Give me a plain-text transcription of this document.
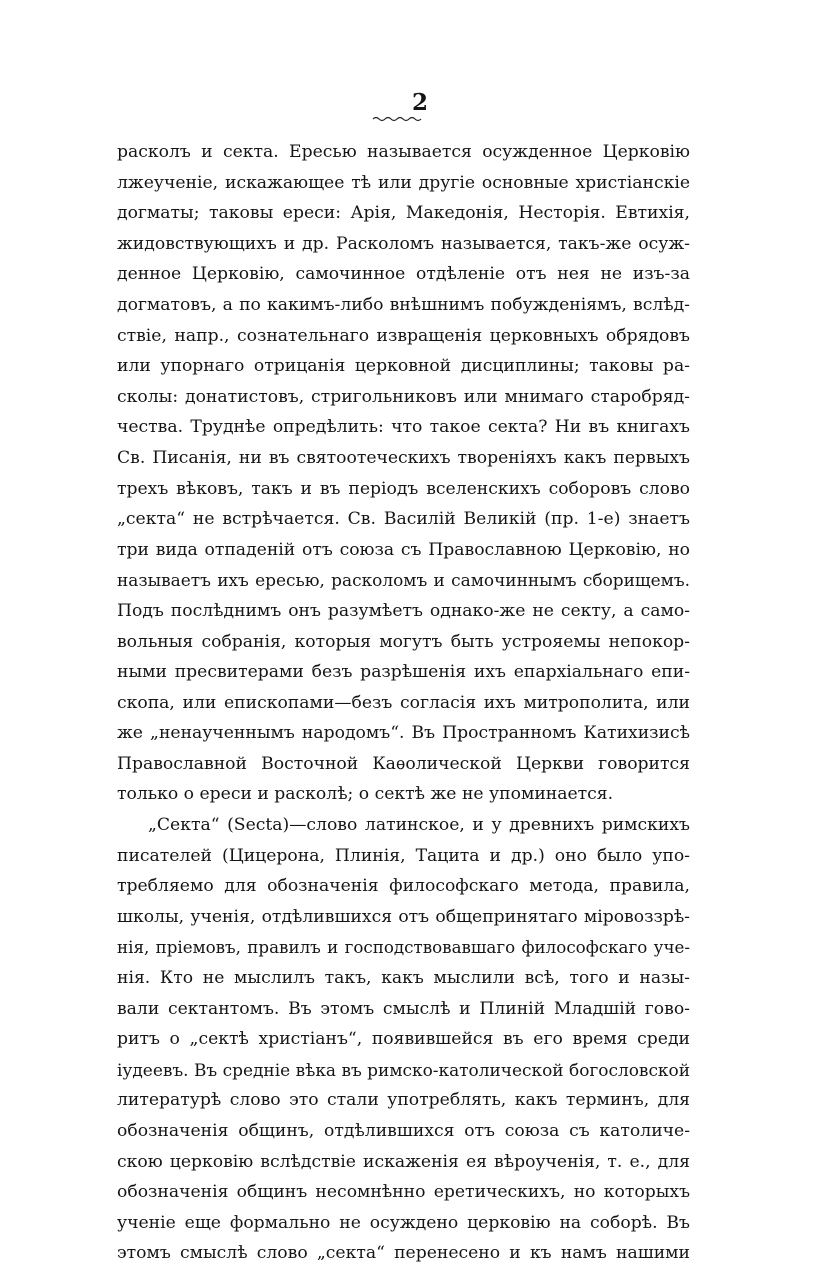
2
расколъ и секта. Ересью называется осужденное Церковію
лжеученіе, искажающее тѣ или другіе основные христіанскіе
догматы; таковы ереси: Арія, Македонія, Несторія. Евтихія,
жидовствующихъ и др. Расколомъ называется, такъ-же осуж-
денное Церковію, самочинное отдѣленіе отъ нея не изъ-за
догматовъ, а по какимъ-либо внѣшнимъ побужденіямъ, вслѣд-
ствіе, напр., сознательнаго извращенія церковныхъ обрядовъ
или упорнаго отрицанія церковной дисциплины; таковы ра-
сколы: донатистовъ, стригольниковъ или мнимаго старобряд-
чества. Труднѣе опредѣлить: что такое секта? Ни въ книгахъ
Св. Писанія, ни въ святоотеческихъ твореніяхъ какъ первыхъ
трехъ вѣковъ, такъ и въ періодъ вселенскихъ соборовъ слово
„секта“ не встрѣчается. Св. Василій Великій (пр. 1-е) знаетъ
три вида отпаденій отъ союза съ Православною Церковію, но
называетъ ихъ ересью, расколомъ и самочиннымъ сборищемъ.
Подъ послѣднимъ онъ разумѣетъ однако-же не секту, а само-
вольныя собранія, которыя могутъ быть устрояемы непокор-
ными пресвитерами безъ разрѣшенія ихъ епархіальнаго епи-
скопа, или епископами—безъ согласія ихъ митрополита, или
же „ненаученнымъ народомъ“. Въ Пространномъ Катихизисѣ
Православной Восточной Каѳолической Церкви говорится
только о ереси и расколѣ; о сектѣ же не упоминается.
„Секта“ (Secta)—слово латинское, и у древнихъ римскихъ
писателей (Цицерона, Плинія, Тацита и др.) оно было упо-
требляемо для обозначенія философскаго метода, правила,
школы, ученія, отдѣлившихся отъ общепринятаго міровоззрѣ-
нія, пріемовъ, правилъ и господствовавшаго философскаго уче-
нія. Кто не мыслилъ такъ, какъ мыслили всѣ, того и назы-
вали сектантомъ. Въ этомъ смыслѣ и Плиній Младшій гово-
ритъ о „сектѣ христіанъ“, появившейся въ его время среди
іудеевъ. Въ средніе вѣка въ римско-католической богословской
литературѣ слово это стали употреблять, какъ терминъ, для
обозначенія общинъ, отдѣлившихся отъ союза съ католиче-
скою церковію вслѣдствіе искаженія ея вѣроученія, т. е., для
обозначенія общинъ несомнѣнно еретическихъ, но которыхъ
ученіе еще формально не осуждено церковію на соборѣ. Въ
этомъ смыслѣ слово „секта“ перенесено и къ намъ нашими
